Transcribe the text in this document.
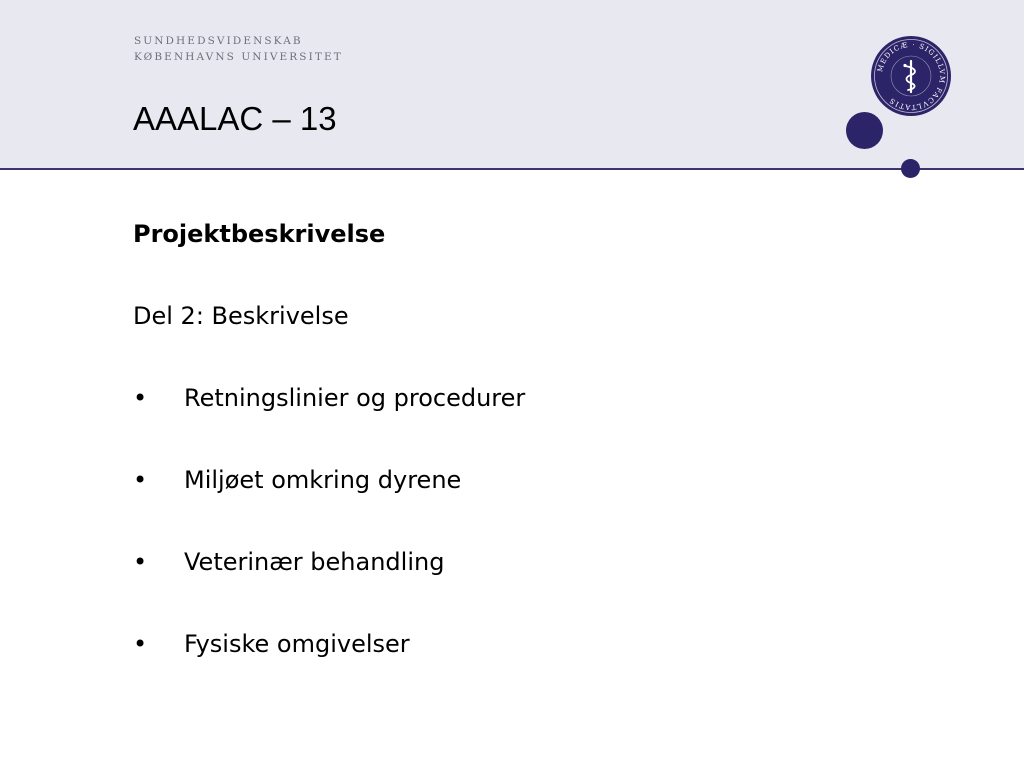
SUNDHEDSVIDENSKAB
KØBENHAVNS UNIVERSITET
AAALAC – 13
MEDICÆ · SIGILLVM FACVLTATIS
Projektbeskrivelse

Del 2: Beskrivelse

• Retningslinier og procedurer
• Miljøet omkring dyrene
• Veterinær behandling
• Fysiske omgivelser
